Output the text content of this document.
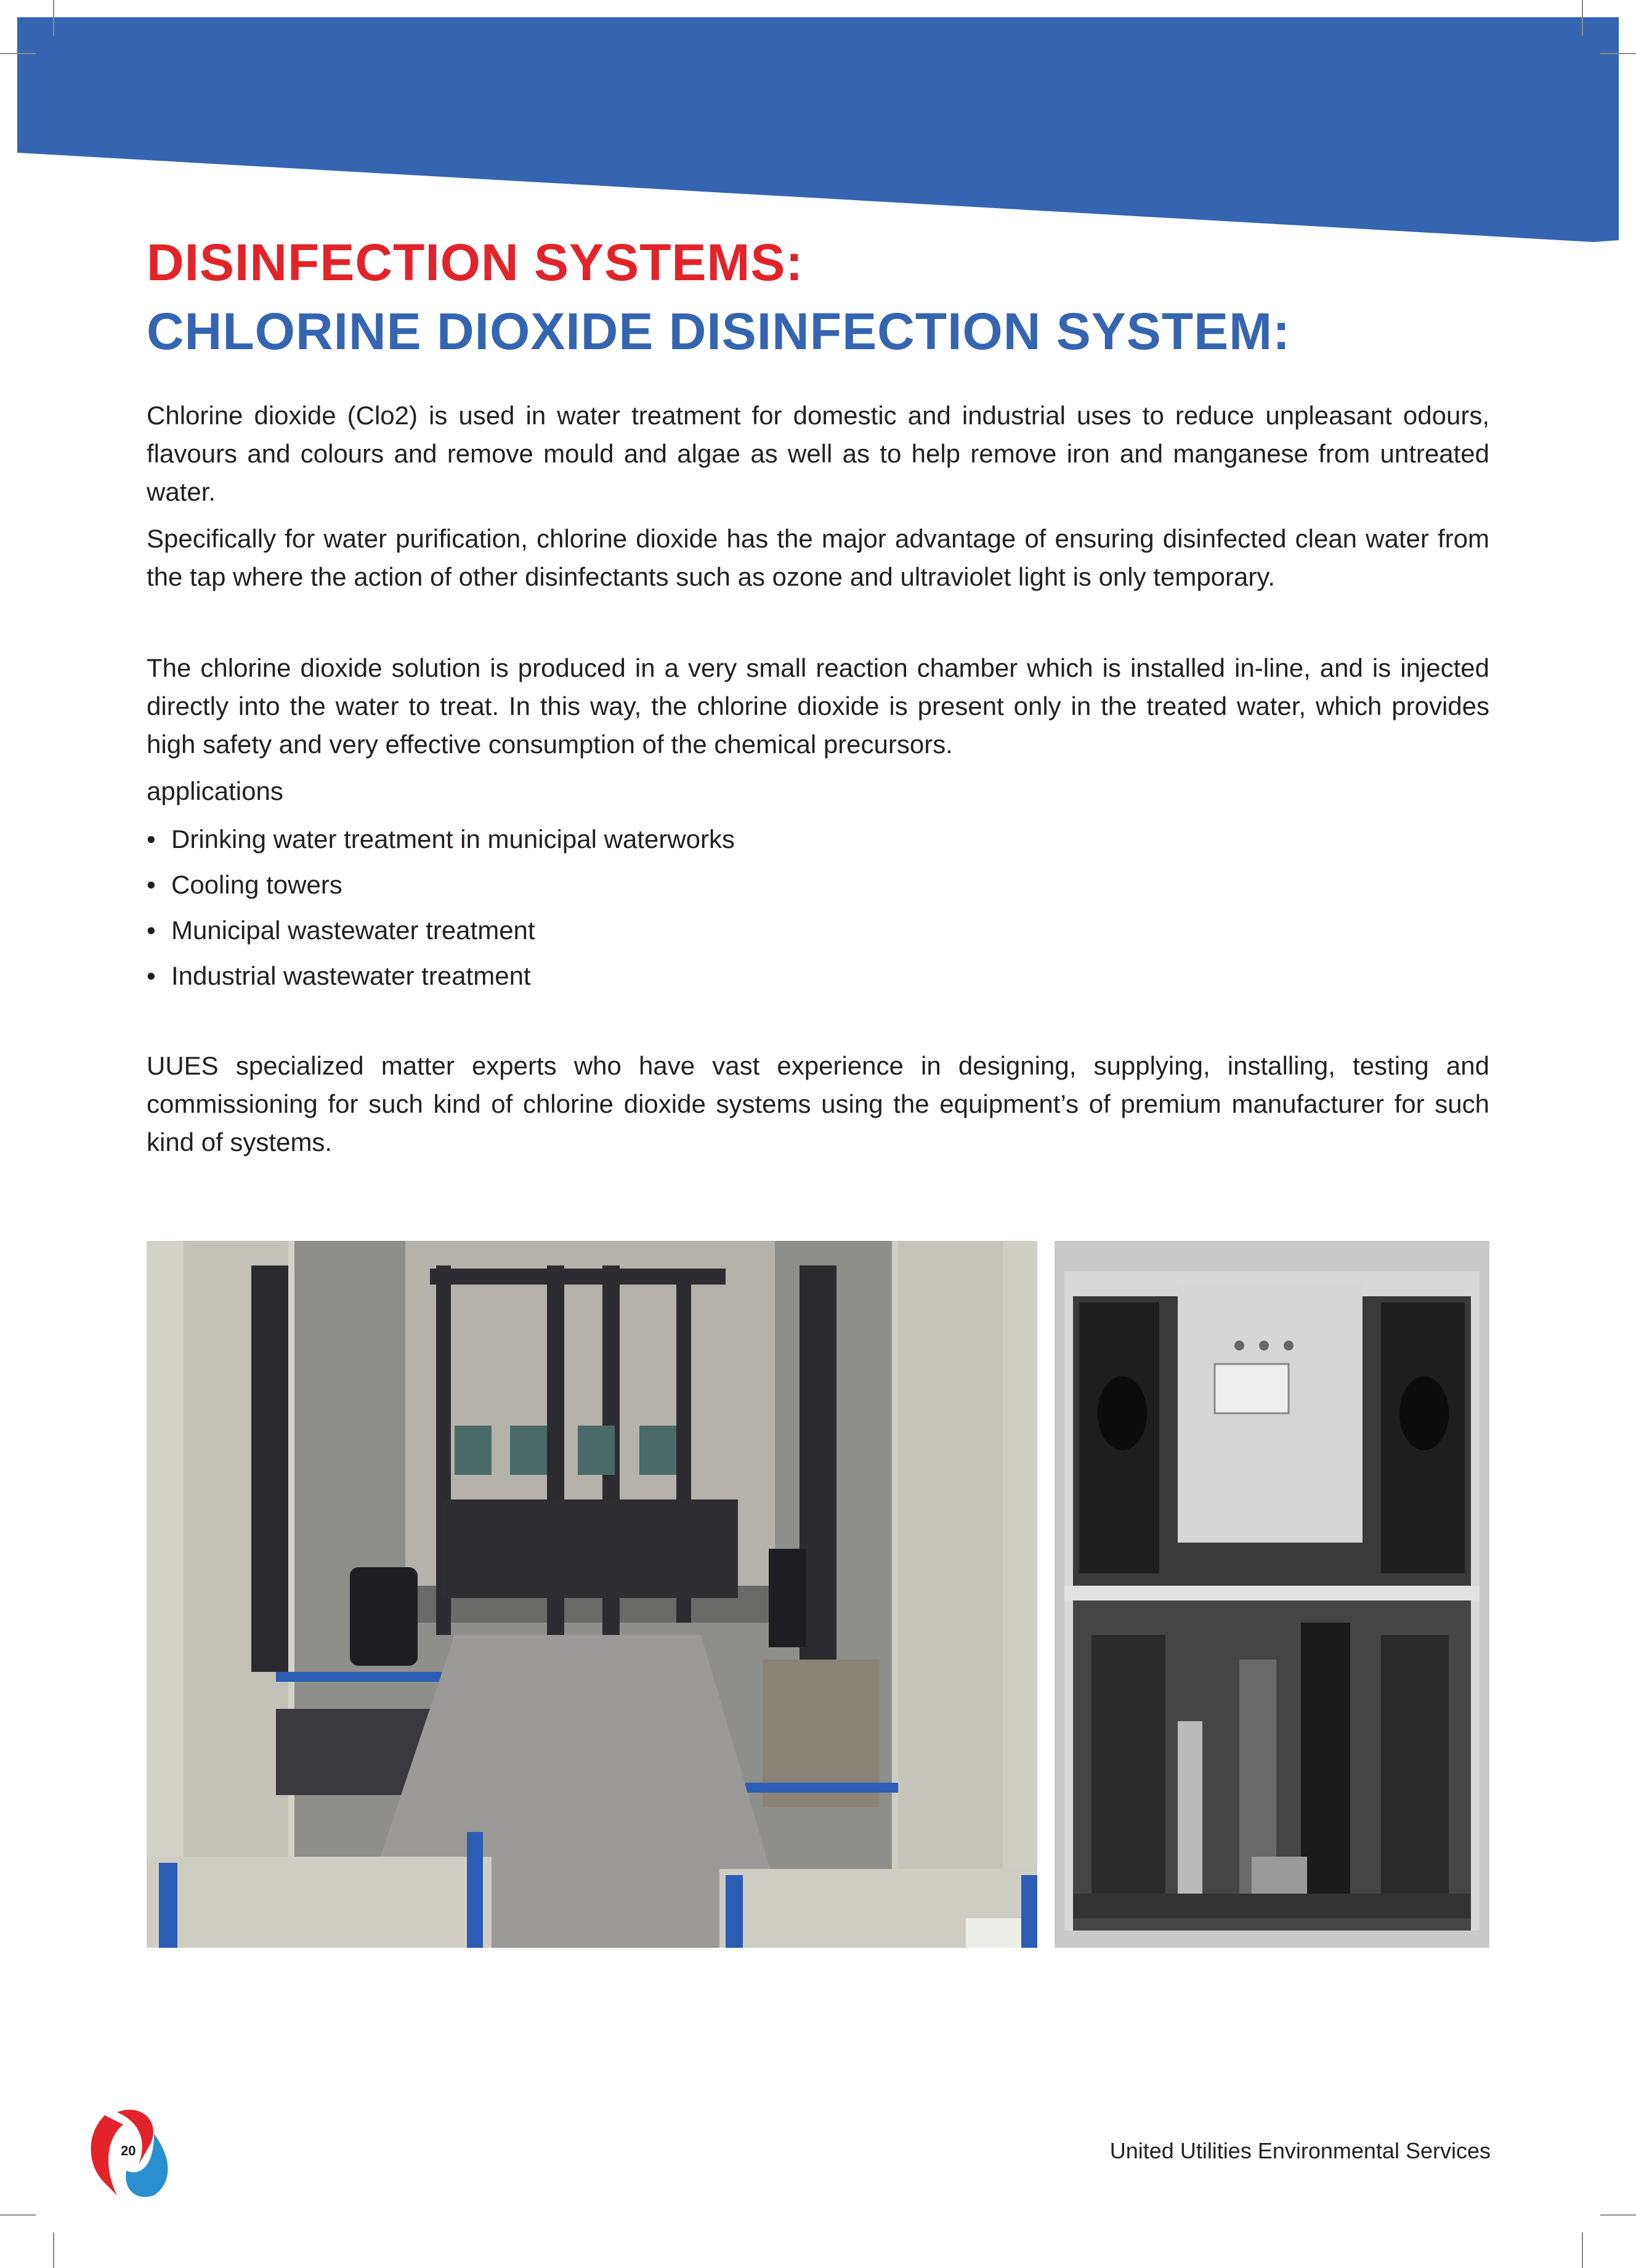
DISINFECTION SYSTEMS:
CHLORINE DIOXIDE DISINFECTION SYSTEM:

Chlorine dioxide (Clo2) is used in water treatment for domestic and industrial uses to reduce unpleasant odours, flavours and colours and remove mould and algae as well as to help remove iron and manganese from untreated water.

Specifically for water purification, chlorine dioxide has the major advantage of ensuring disinfected clean water from the tap where the action of other disinfectants such as ozone and ultraviolet light is only temporary.

The chlorine dioxide solution is produced in a very small reaction chamber which is installed in-line, and is injected directly into the water to treat. In this way, the chlorine dioxide is present only in the treated water, which provides high safety and very effective consumption of the chemical precursors.

applications

• Drinking water treatment in municipal waterworks
• Cooling towers
• Municipal wastewater treatment
• Industrial wastewater treatment

UUES specialized matter experts who have vast experience in designing, supplying, installing, testing and commissioning for such kind of chlorine dioxide systems using the equipment’s of premium manufacturer for such kind of systems.

20	United Utilities Environmental Services
